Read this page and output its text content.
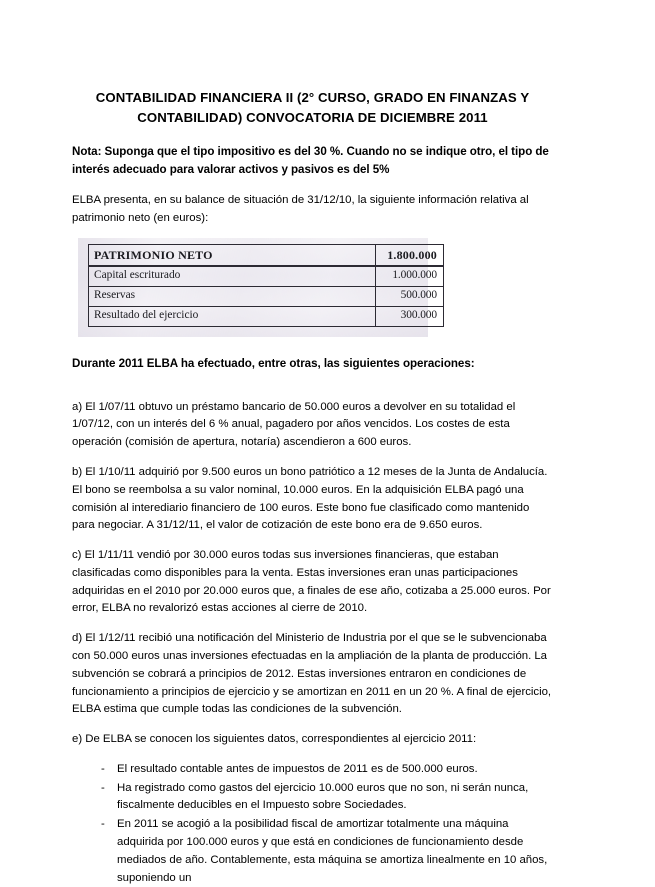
CONTABILIDAD FINANCIERA II (2° CURSO, GRADO EN FINANZAS Y CONTABILIDAD) CONVOCATORIA DE DICIEMBRE 2011

Nota: Suponga que el tipo impositivo es del 30 %. Cuando no se indique otro, el tipo de interés adecuado para valorar activos y pasivos es del 5%

ELBA presenta, en su balance de situación de 31/12/10, la siguiente información relativa al patrimonio neto (en euros):

PATRIMONIO NETO	1.800.000
Capital escriturado	1.000.000
Reservas	500.000
Resultado del ejercicio	300.000

Durante 2011 ELBA ha efectuado, entre otras, las siguientes operaciones:

a) El 1/07/11 obtuvo un préstamo bancario de 50.000 euros a devolver en su totalidad el 1/07/12, con un interés del 6 % anual, pagadero por años vencidos. Los costes de esta operación (comisión de apertura, notaría) ascendieron a 600 euros.

b) El 1/10/11 adquirió por 9.500 euros un bono patriótico a 12 meses de la Junta de Andalucía. El bono se reembolsa a su valor nominal, 10.000 euros. En la adquisición ELBA pagó una comisión al interediario financiero de 100 euros. Este bono fue clasificado como mantenido para negociar. A 31/12/11, el valor de cotización de este bono era de 9.650 euros.

c) El 1/11/11 vendió por 30.000 euros todas sus inversiones financieras, que estaban clasificadas como disponibles para la venta. Estas inversiones eran unas participaciones adquiridas en el 2010 por 20.000 euros que, a finales de ese año, cotizaba a 25.000 euros. Por error, ELBA no revalorizó estas acciones al cierre de 2010.

d) El 1/12/11 recibió una notificación del Ministerio de Industria por el que se le subvencionaba con 50.000 euros unas inversiones efectuadas en la ampliación de la planta de producción. La subvención se cobrará a principios de 2012. Estas inversiones entraron en condiciones de funcionamiento a principios de ejercicio y se amortizan en 2011 en un 20 %. A final de ejercicio, ELBA estima que cumple todas las condiciones de la subvención.

e) De ELBA se conocen los siguientes datos, correspondientes al ejercicio 2011:

- El resultado contable antes de impuestos de 2011 es de 500.000 euros.
- Ha registrado como gastos del ejercicio 10.000 euros que no son, ni serán nunca, fiscalmente deducibles en el Impuesto sobre Sociedades.
- En 2011 se acogió a la posibilidad fiscal de amortizar totalmente una máquina adquirida por 100.000 euros y que está en condiciones de funcionamiento desde mediados de año. Contablemente, esta máquina se amortiza linealmente en 10 años, suponiendo un
